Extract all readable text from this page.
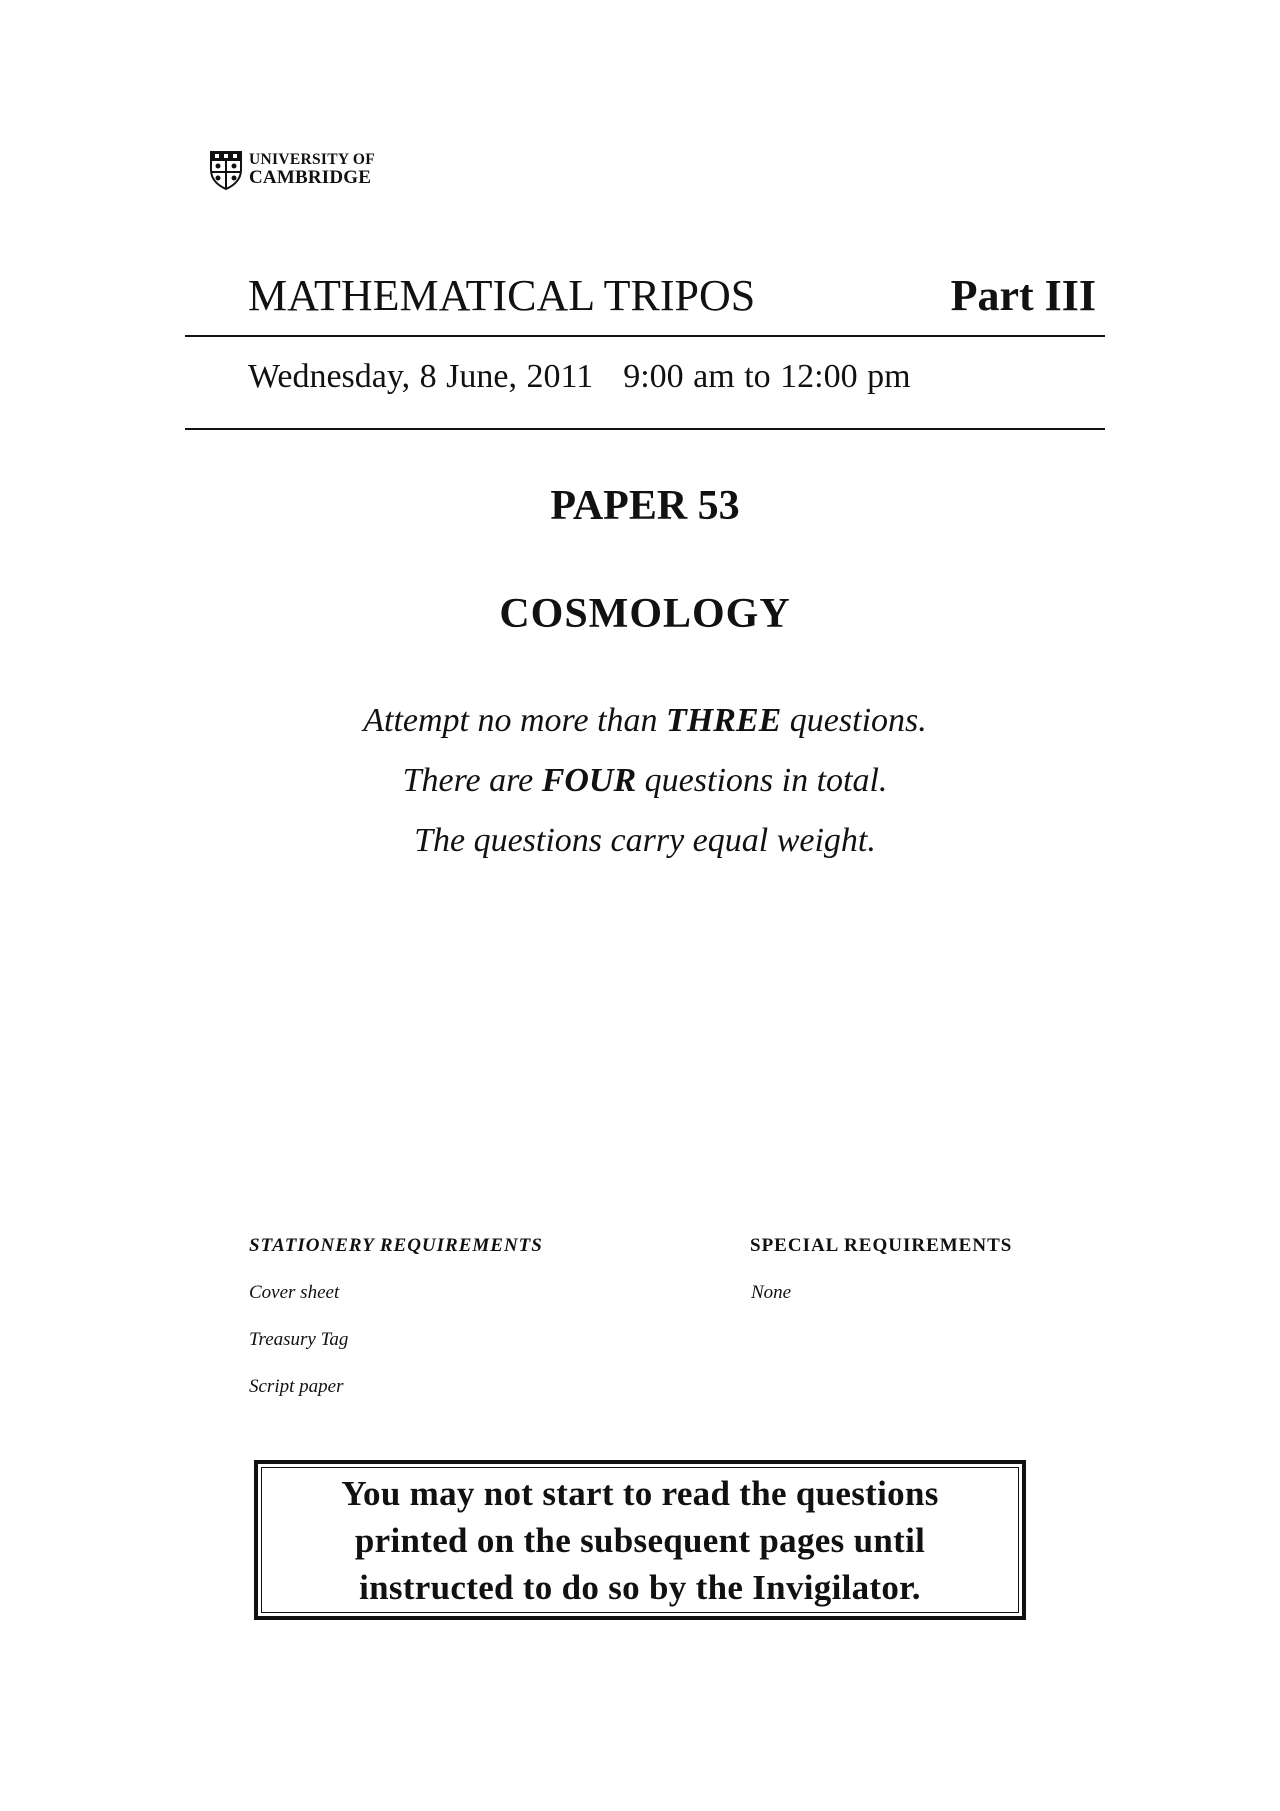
UNIVERSITY OF
CAMBRIDGE
MATHEMATICAL TRIPOS	Part III
Wednesday, 8 June, 2011 9:00 am to 12:00 pm
PAPER 53
COSMOLOGY
Attempt no more than THREE questions.
There are FOUR questions in total.
The questions carry equal weight.
STATIONERY REQUIREMENTS
Cover sheet
Treasury Tag
Script paper
SPECIAL REQUIREMENTS
None
You may not start to read the questions
printed on the subsequent pages until
instructed to do so by the Invigilator.
